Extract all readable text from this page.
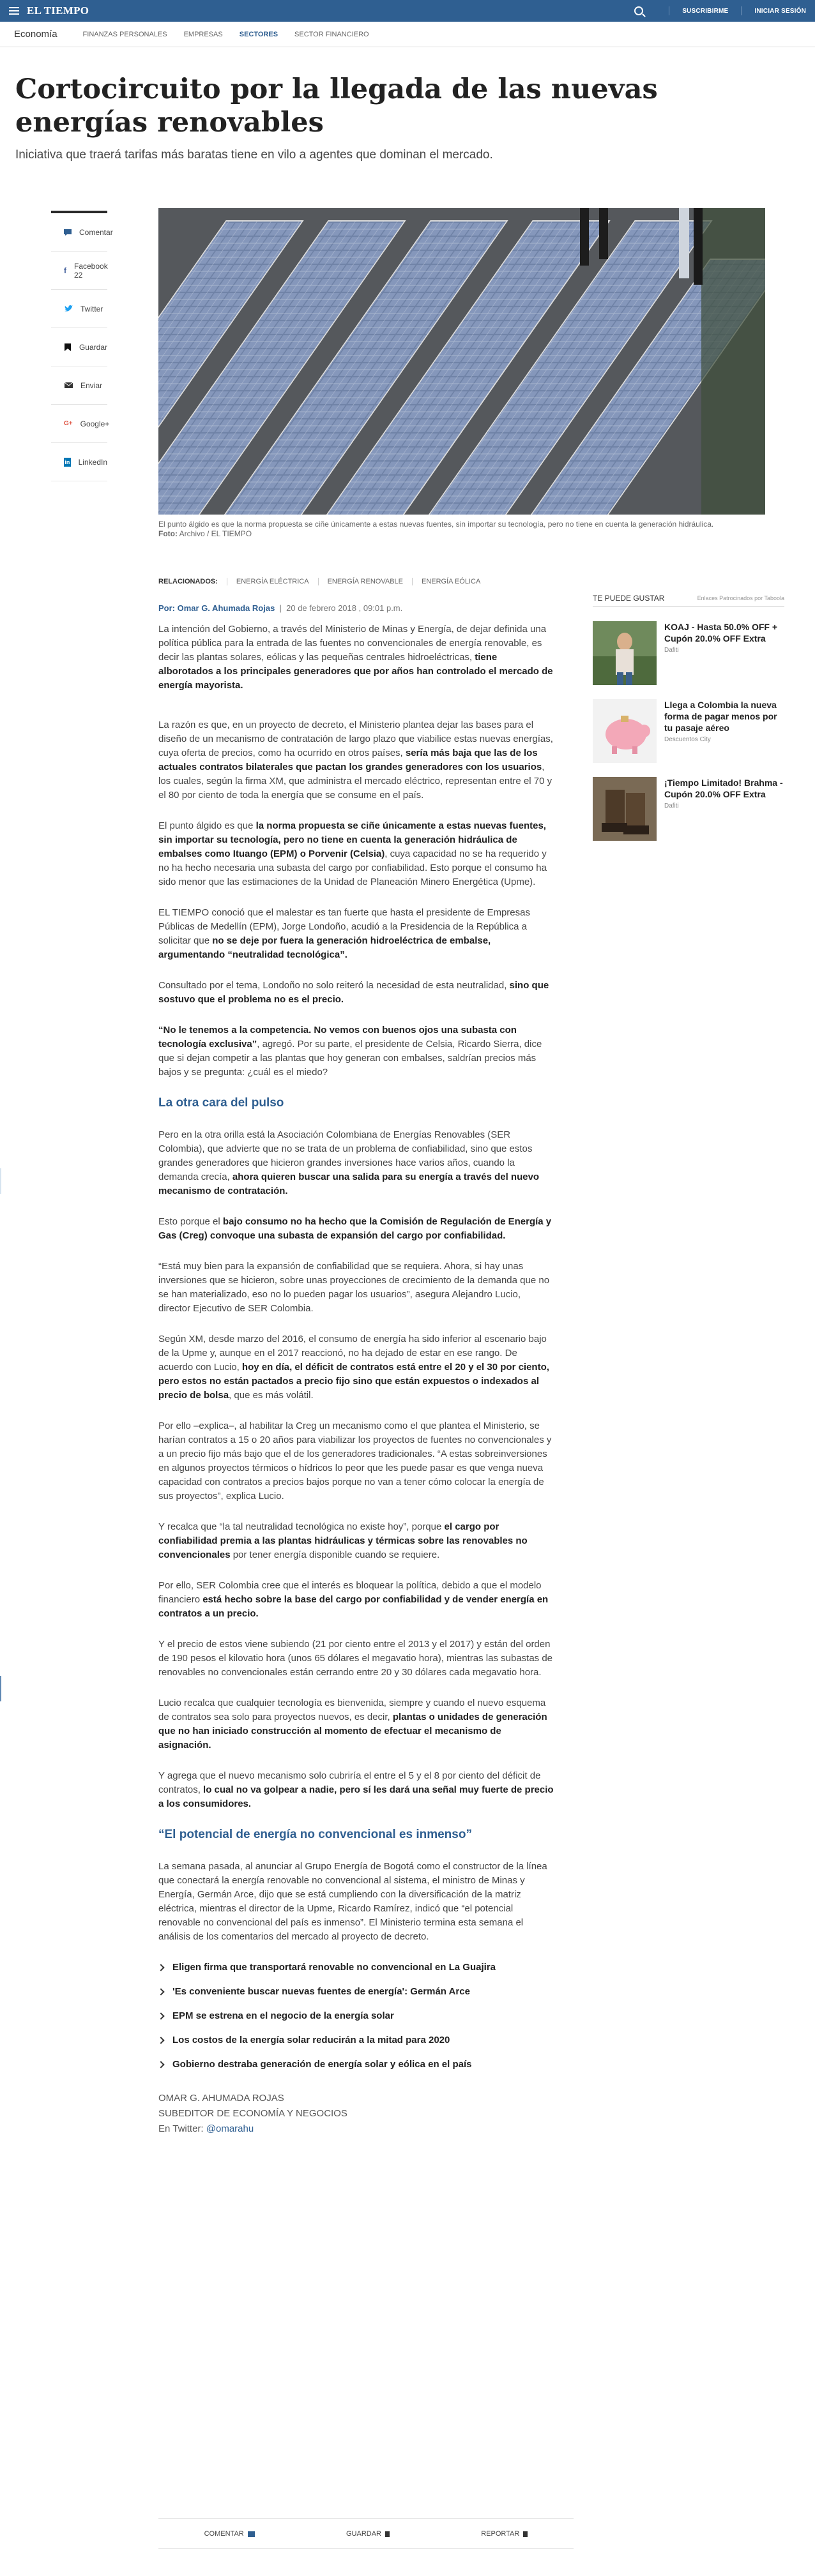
EL TIEMPO	SUSCRIBIRME	INICIAR SESIÓN
Economía	FINANZAS PERSONALES EMPRESAS SECTORES SECTOR FINANCIERO
Cortocircuito por la llegada de las nuevas energías renovables
Iniciativa que traerá tarifas más baratas tiene en vilo a agentes que dominan el mercado.
Comentar
f Facebook
22
Twitter
Guardar
Enviar
G+ Google+
in LinkedIn
El punto álgido es que la norma propuesta se ciñe únicamente a estas nuevas fuentes, sin importar su tecnología, pero no tiene en cuenta la generación hidráulica.
Foto: Archivo / EL TIEMPO
RELACIONADOS:	ENERGÍA ELÉCTRICA	ENERGÍA RENOVABLE	ENERGÍA EÓLICA
Por: Omar G. Ahumada Rojas  |  20 de febrero 2018 , 09:01 p.m.

La intención del Gobierno, a través del Ministerio de Minas y Energía, de dejar definida una política pública para la entrada de las fuentes no convencionales de energía renovable, es decir las plantas solares, eólicas y las pequeñas centrales hidroeléctricas, tiene alborotados a los principales generadores que por años han controlado el mercado de energía mayorista.

La razón es que, en un proyecto de decreto, el Ministerio plantea dejar las bases para el diseño de un mecanismo de contratación de largo plazo que viabilice estas nuevas energías, cuya oferta de precios, como ha ocurrido en otros países, sería más baja que las de los actuales contratos bilaterales que pactan los grandes generadores con los usuarios, los cuales, según la firma XM, que administra el mercado eléctrico, representan entre el 70 y el 80 por ciento de toda la energía que se consume en el país.

El punto álgido es que la norma propuesta se ciñe únicamente a estas nuevas fuentes, sin importar su tecnología, pero no tiene en cuenta la generación hidráulica de embalses como Ituango (EPM) o Porvenir (Celsia), cuya capacidad no se ha requerido y no ha hecho necesaria una subasta del cargo por confiabilidad. Esto porque el consumo ha sido menor que las estimaciones de la Unidad de Planeación Minero Energética (Upme).

EL TIEMPO conoció que el malestar es tan fuerte que hasta el presidente de Empresas Públicas de Medellín (EPM), Jorge Londoño, acudió a la Presidencia de la República a solicitar que no se deje por fuera la generación hidroeléctrica de embalse, argumentando “neutralidad tecnológica”.

Consultado por el tema, Londoño no solo reiteró la necesidad de esta neutralidad, sino que sostuvo que el problema no es el precio.

“No le tenemos a la competencia. No vemos con buenos ojos una subasta con tecnología exclusiva”, agregó. Por su parte, el presidente de Celsia, Ricardo Sierra, dice que si dejan competir a las plantas que hoy generan con embalses, saldrían precios más bajos y se pregunta: ¿cuál es el miedo?

La otra cara del pulso

Pero en la otra orilla está la Asociación Colombiana de Energías Renovables (SER Colombia), que advierte que no se trata de un problema de confiabilidad, sino que estos grandes generadores que hicieron grandes inversiones hace varios años, cuando la demanda crecía, ahora quieren buscar una salida para su energía a través del nuevo mecanismo de contratación.

Esto porque el bajo consumo no ha hecho que la Comisión de Regulación de Energía y Gas (Creg) convoque una subasta de expansión del cargo por confiabilidad.

“Está muy bien para la expansión de confiabilidad que se requiera. Ahora, si hay unas inversiones que se hicieron, sobre unas proyecciones de crecimiento de la demanda que no se han materializado, eso no lo pueden pagar los usuarios”, asegura Alejandro Lucio, director Ejecutivo de SER Colombia.

Según XM, desde marzo del 2016, el consumo de energía ha sido inferior al escenario bajo de la Upme y, aunque en el 2017 reaccionó, no ha dejado de estar en ese rango. De acuerdo con Lucio, hoy en día, el déficit de contratos está entre el 20 y el 30 por ciento, pero estos no están pactados a precio fijo sino que están expuestos o indexados al precio de bolsa, que es más volátil.

Por ello –explica–, al habilitar la Creg un mecanismo como el que plantea el Ministerio, se harían contratos a 15 o 20 años para viabilizar los proyectos de fuentes no convencionales y a un precio fijo más bajo que el de los generadores tradicionales. “A estas sobreinversiones en algunos proyectos térmicos o hídricos lo peor que les puede pasar es que venga nueva capacidad con contratos a precios bajos porque no van a tener cómo colocar la energía de sus proyectos”, explica Lucio.

Y recalca que “la tal neutralidad tecnológica no existe hoy”, porque el cargo por confiabilidad premia a las plantas hidráulicas y térmicas sobre las renovables no convencionales por tener energía disponible cuando se requiere.

Por ello, SER Colombia cree que el interés es bloquear la política, debido a que el modelo financiero está hecho sobre la base del cargo por confiabilidad y de vender energía en contratos a un precio.

Y el precio de estos viene subiendo (21 por ciento entre el 2013 y el 2017) y están del orden de 190 pesos el kilovatio hora (unos 65 dólares el megavatio hora), mientras las subastas de renovables no convencionales están cerrando entre 20 y 30 dólares cada megavatio hora.

Lucio recalca que cualquier tecnología es bienvenida, siempre y cuando el nuevo esquema de contratos sea solo para proyectos nuevos, es decir, plantas o unidades de generación que no han iniciado construcción al momento de efectuar el mecanismo de asignación.

Y agrega que el nuevo mecanismo solo cubriría el entre el 5 y el 8 por ciento del déficit de contratos, lo cual no va golpear a nadie, pero sí les dará una señal muy fuerte de precio a los consumidores.

“El potencial de energía no convencional es inmenso”

La semana pasada, al anunciar al Grupo Energía de Bogotá como el constructor de la línea que conectará la energía renovable no convencional al sistema, el ministro de Minas y Energía, Germán Arce, dijo que se está cumpliendo con la diversificación de la matriz eléctrica, mientras el director de la Upme, Ricardo Ramírez, indicó que “el potencial renovable no convencional del país es inmenso”. El Ministerio termina esta semana el análisis de los comentarios del mercado al proyecto de decreto.

Eligen firma que transportará renovable no convencional en La Guajira
'Es conveniente buscar nuevas fuentes de energía': Germán Arce
EPM se estrena en el negocio de la energía solar
Los costos de la energía solar reducirán a la mitad para 2020
Gobierno destraba generación de energía solar y eólica en el país
OMAR G. AHUMADA ROJAS
SUBEDITOR DE ECONOMÍA Y NEGOCIOS
En Twitter: @omarahu
COMENTAR	GUARDAR	REPORTAR
TE PUEDE GUSTAR	Enlaces Patrocinados por Taboola
KOAJ - Hasta 50.0% OFF + Cupón 20.0% OFF Extra
Dafiti
Llega a Colombia la nueva forma de pagar menos por tu pasaje aéreo
Descuentos City
¡Tiempo Limitado! Brahma - Cupón 20.0% OFF Extra
Dafiti
